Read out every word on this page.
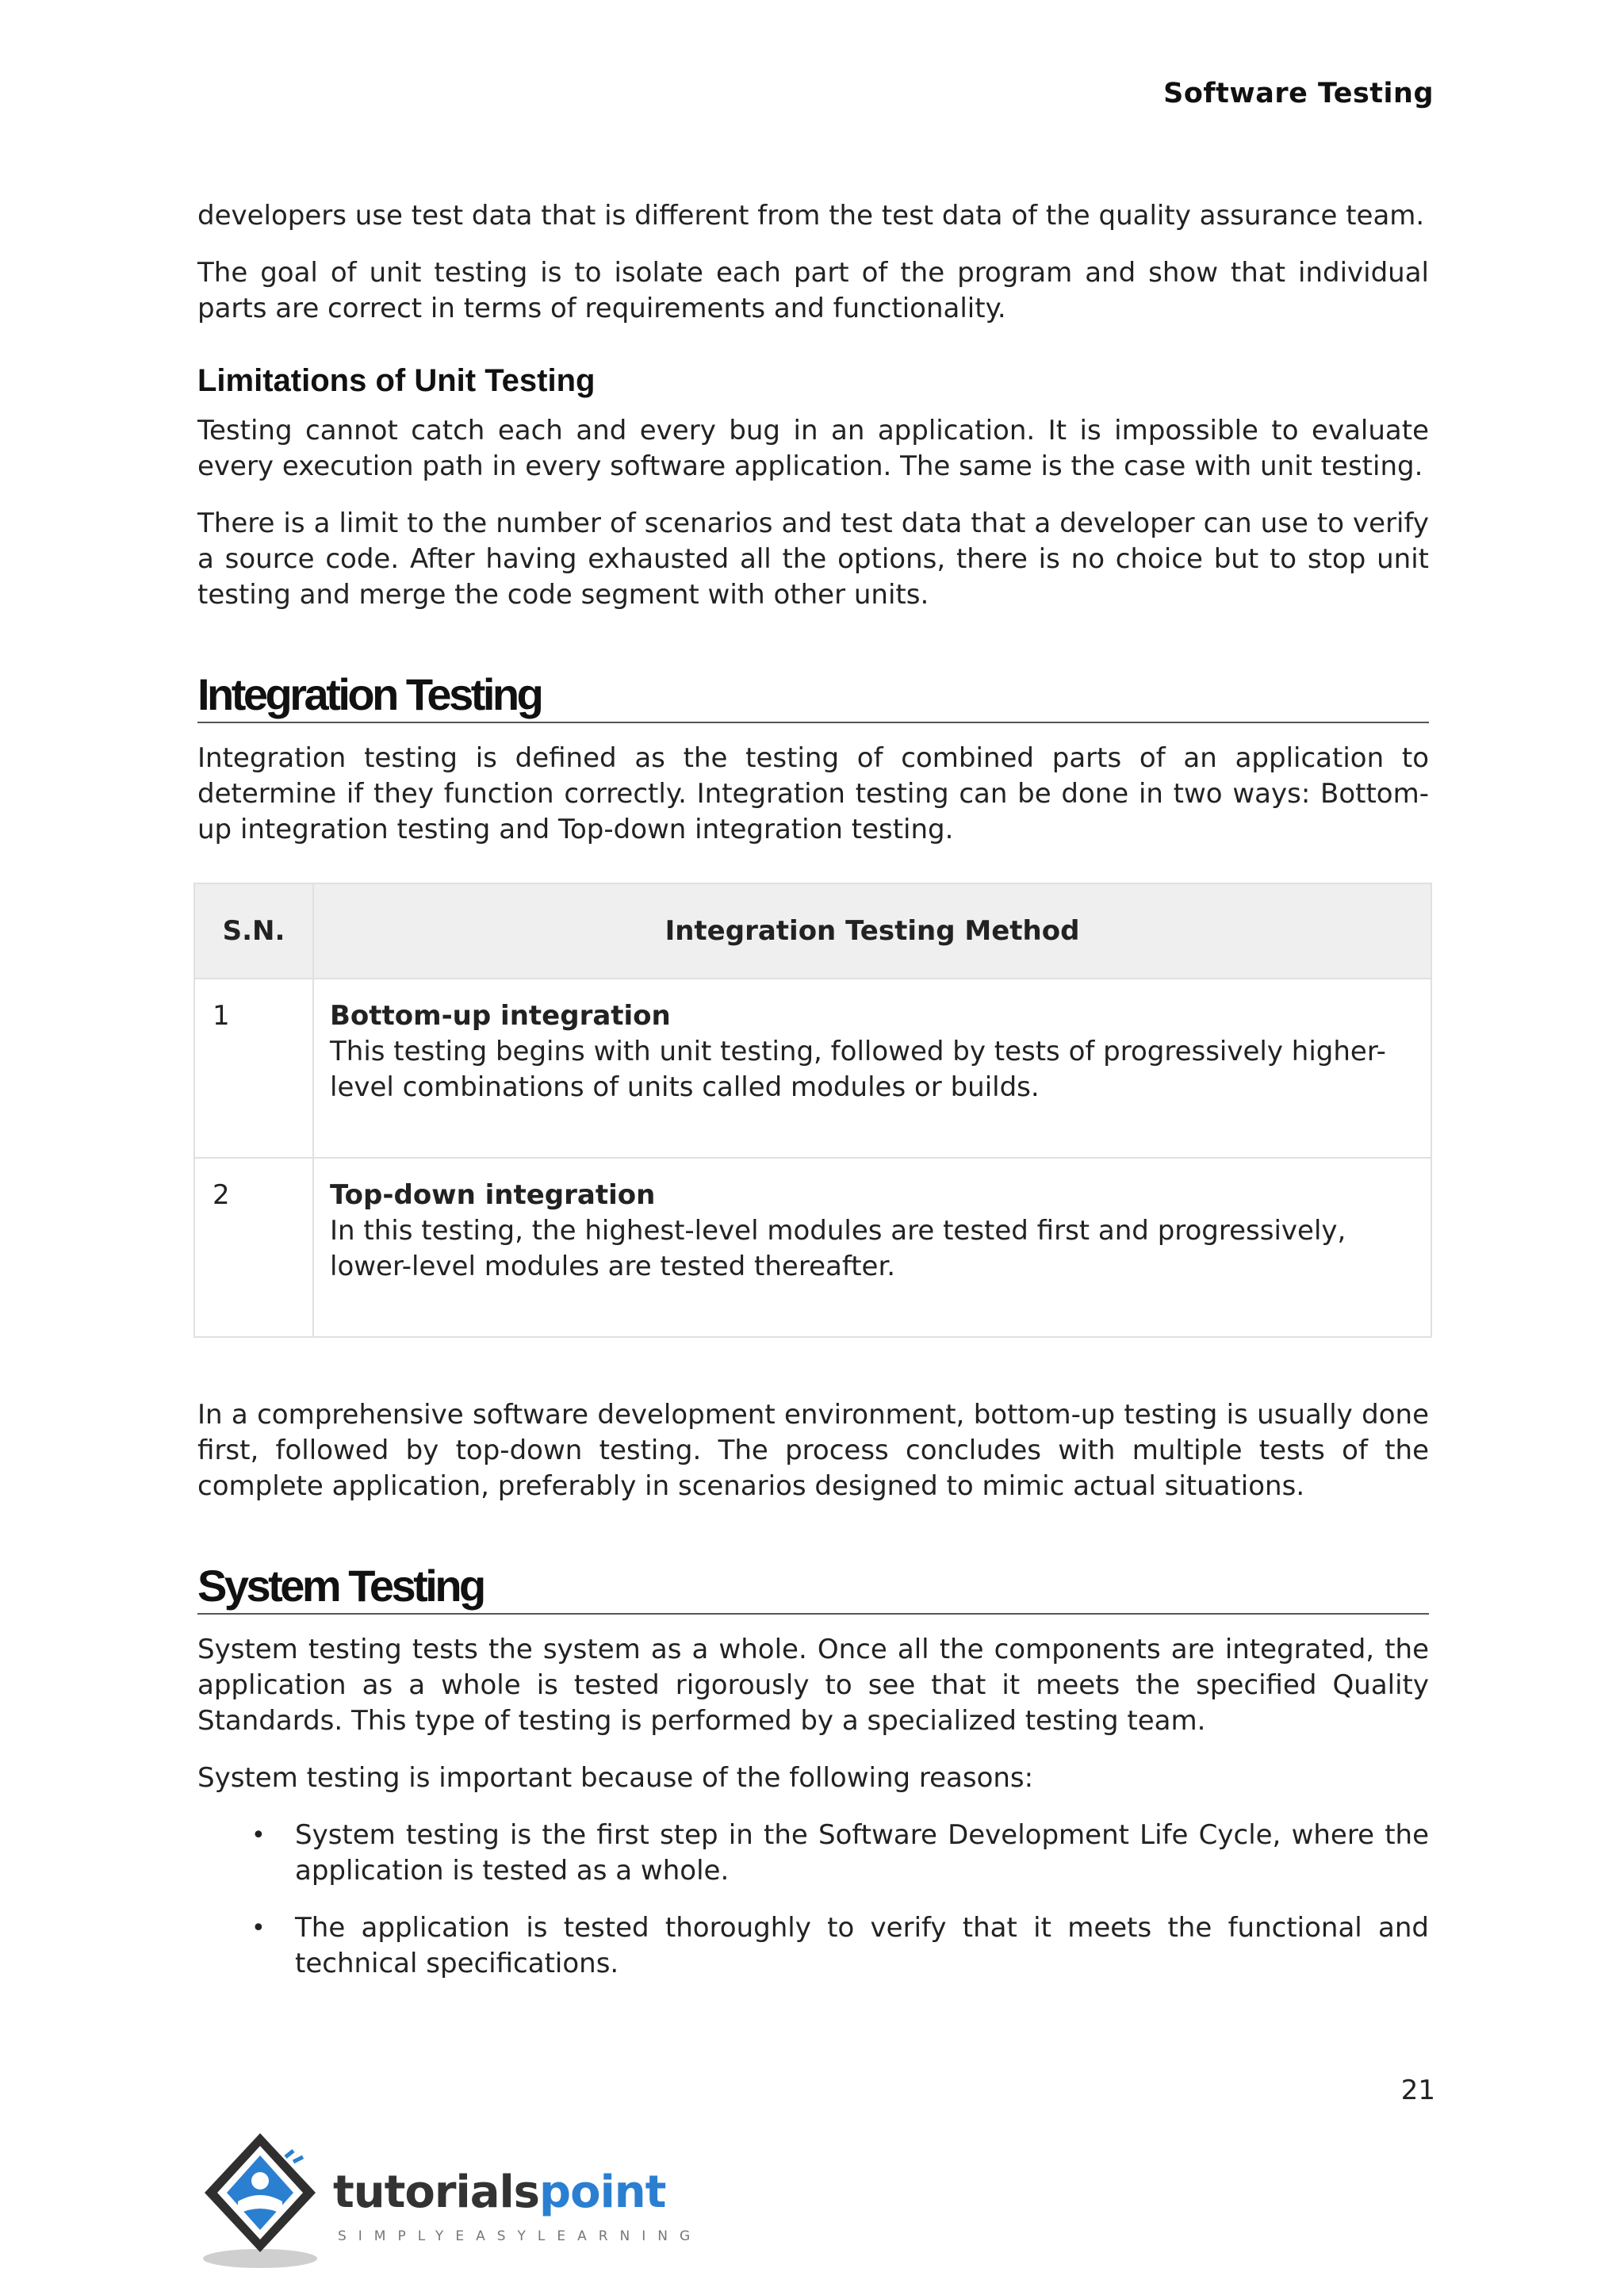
Software Testing

developers use test data that is different from the test data of the quality assurance team.

The goal of unit testing is to isolate each part of the program and show that individual parts are correct in terms of requirements and functionality.

Limitations of Unit Testing

Testing cannot catch each and every bug in an application. It is impossible to evaluate every execution path in every software application. The same is the case with unit testing.

There is a limit to the number of scenarios and test data that a developer can use to verify a source code. After having exhausted all the options, there is no choice but to stop unit testing and merge the code segment with other units.

Integration Testing

Integration testing is defined as the testing of combined parts of an application to determine if they function correctly. Integration testing can be done in two ways: Bottom-up integration testing and Top-down integration testing.

S.N.	Integration Testing Method
1	Bottom-up integration
This testing begins with unit testing, followed by tests of progressively higher-level combinations of units called modules or builds.
2	Top-down integration
In this testing, the highest-level modules are tested first and progressively, lower-level modules are tested thereafter.

In a comprehensive software development environment, bottom-up testing is usually done first, followed by top-down testing. The process concludes with multiple tests of the complete application, preferably in scenarios designed to mimic actual situations.

System Testing

System testing tests the system as a whole. Once all the components are integrated, the application as a whole is tested rigorously to see that it meets the specified Quality Standards. This type of testing is performed by a specialized testing team.

System testing is important because of the following reasons:

• System testing is the first step in the Software Development Life Cycle, where the application is tested as a whole.
• The application is tested thoroughly to verify that it meets the functional and technical specifications.
21
tutorialspoint
SIMPLYEASYLEARNING
